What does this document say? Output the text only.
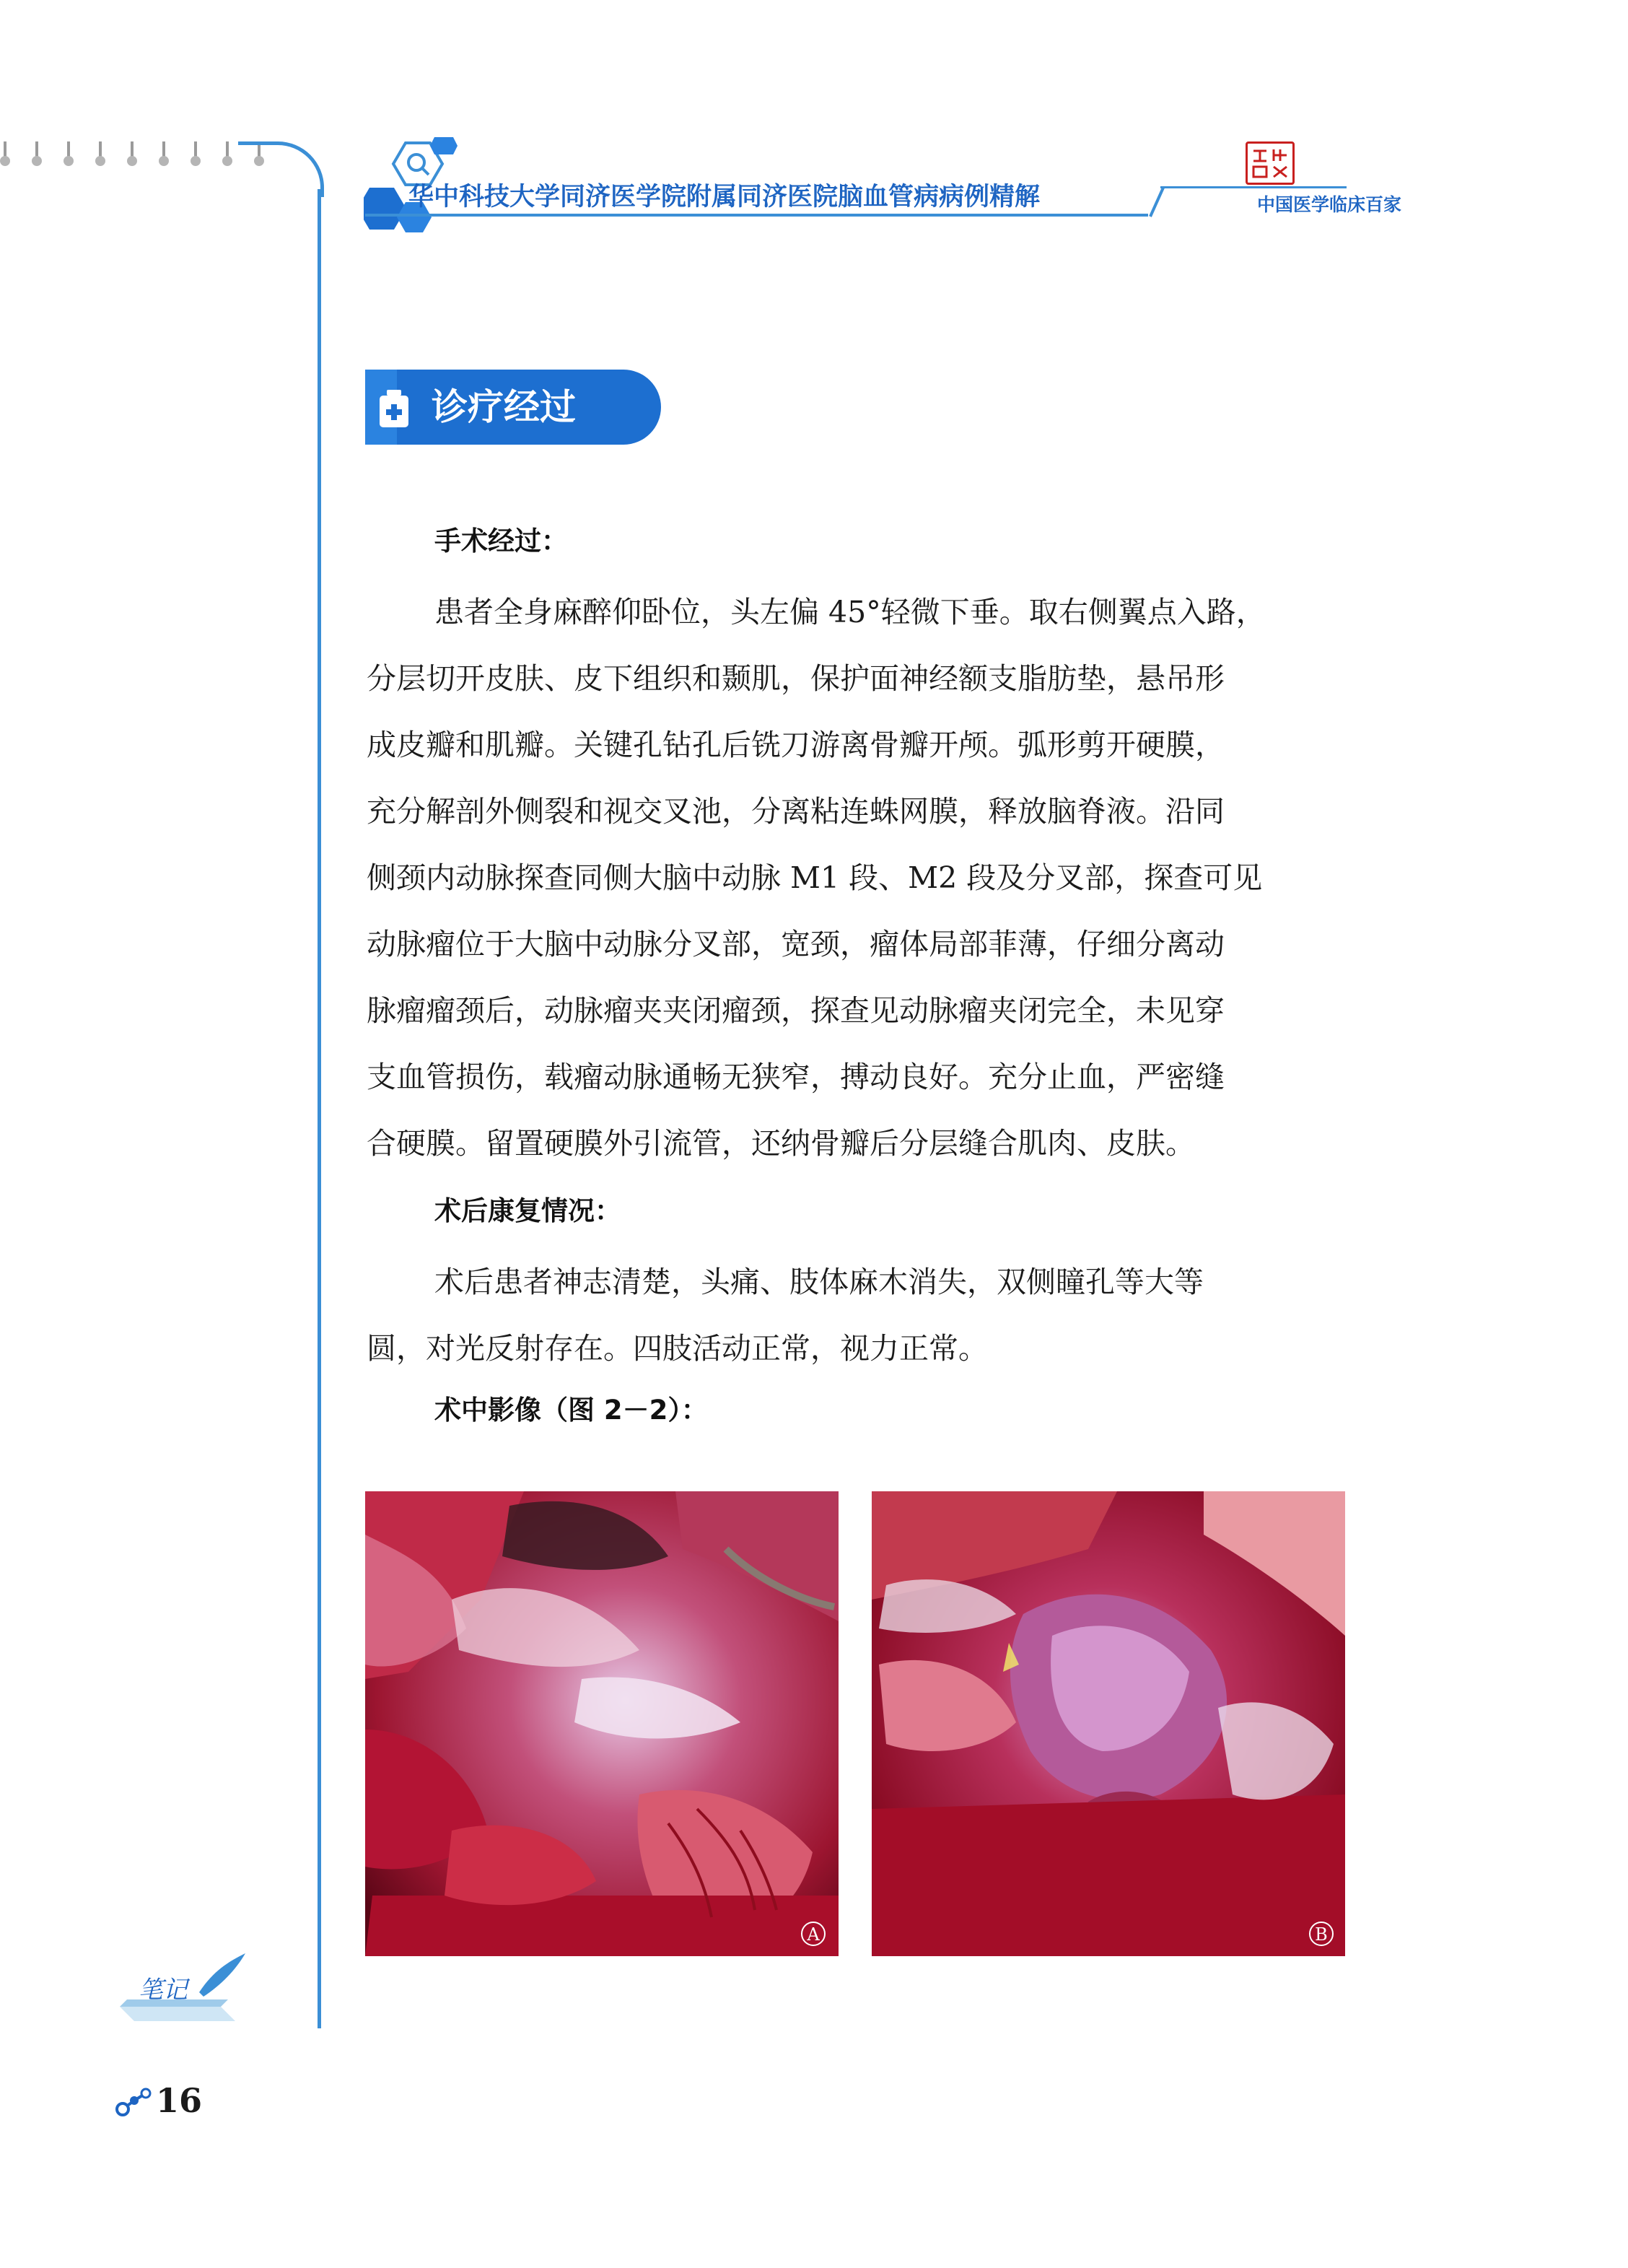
华中科技大学同济医学院附属同济医院脑血管病病例精解	中国医学临床百家
诊疗经过
手术经过：
患者全身麻醉仰卧位，头左偏 45°轻微下垂。取右侧翼点入路，
分层切开皮肤、皮下组织和颞肌，保护面神经额支脂肪垫，悬吊形
成皮瓣和肌瓣。关键孔钻孔后铣刀游离骨瓣开颅。弧形剪开硬膜，
充分解剖外侧裂和视交叉池，分离粘连蛛网膜，释放脑脊液。沿同
侧颈内动脉探查同侧大脑中动脉 M1 段、M2 段及分叉部，探查可见
动脉瘤位于大脑中动脉分叉部，宽颈，瘤体局部菲薄，仔细分离动
脉瘤瘤颈后，动脉瘤夹夹闭瘤颈，探查见动脉瘤夹闭完全，未见穿
支血管损伤，载瘤动脉通畅无狭窄，搏动良好。充分止血，严密缝
合硬膜。留置硬膜外引流管，还纳骨瓣后分层缝合肌肉、皮肤。
术后康复情况：
术后患者神志清楚，头痛、肢体麻木消失，双侧瞳孔等大等
圆，对光反射存在。四肢活动正常，视力正常。
术中影像（图 2－2）：
A	B
笔记
16
